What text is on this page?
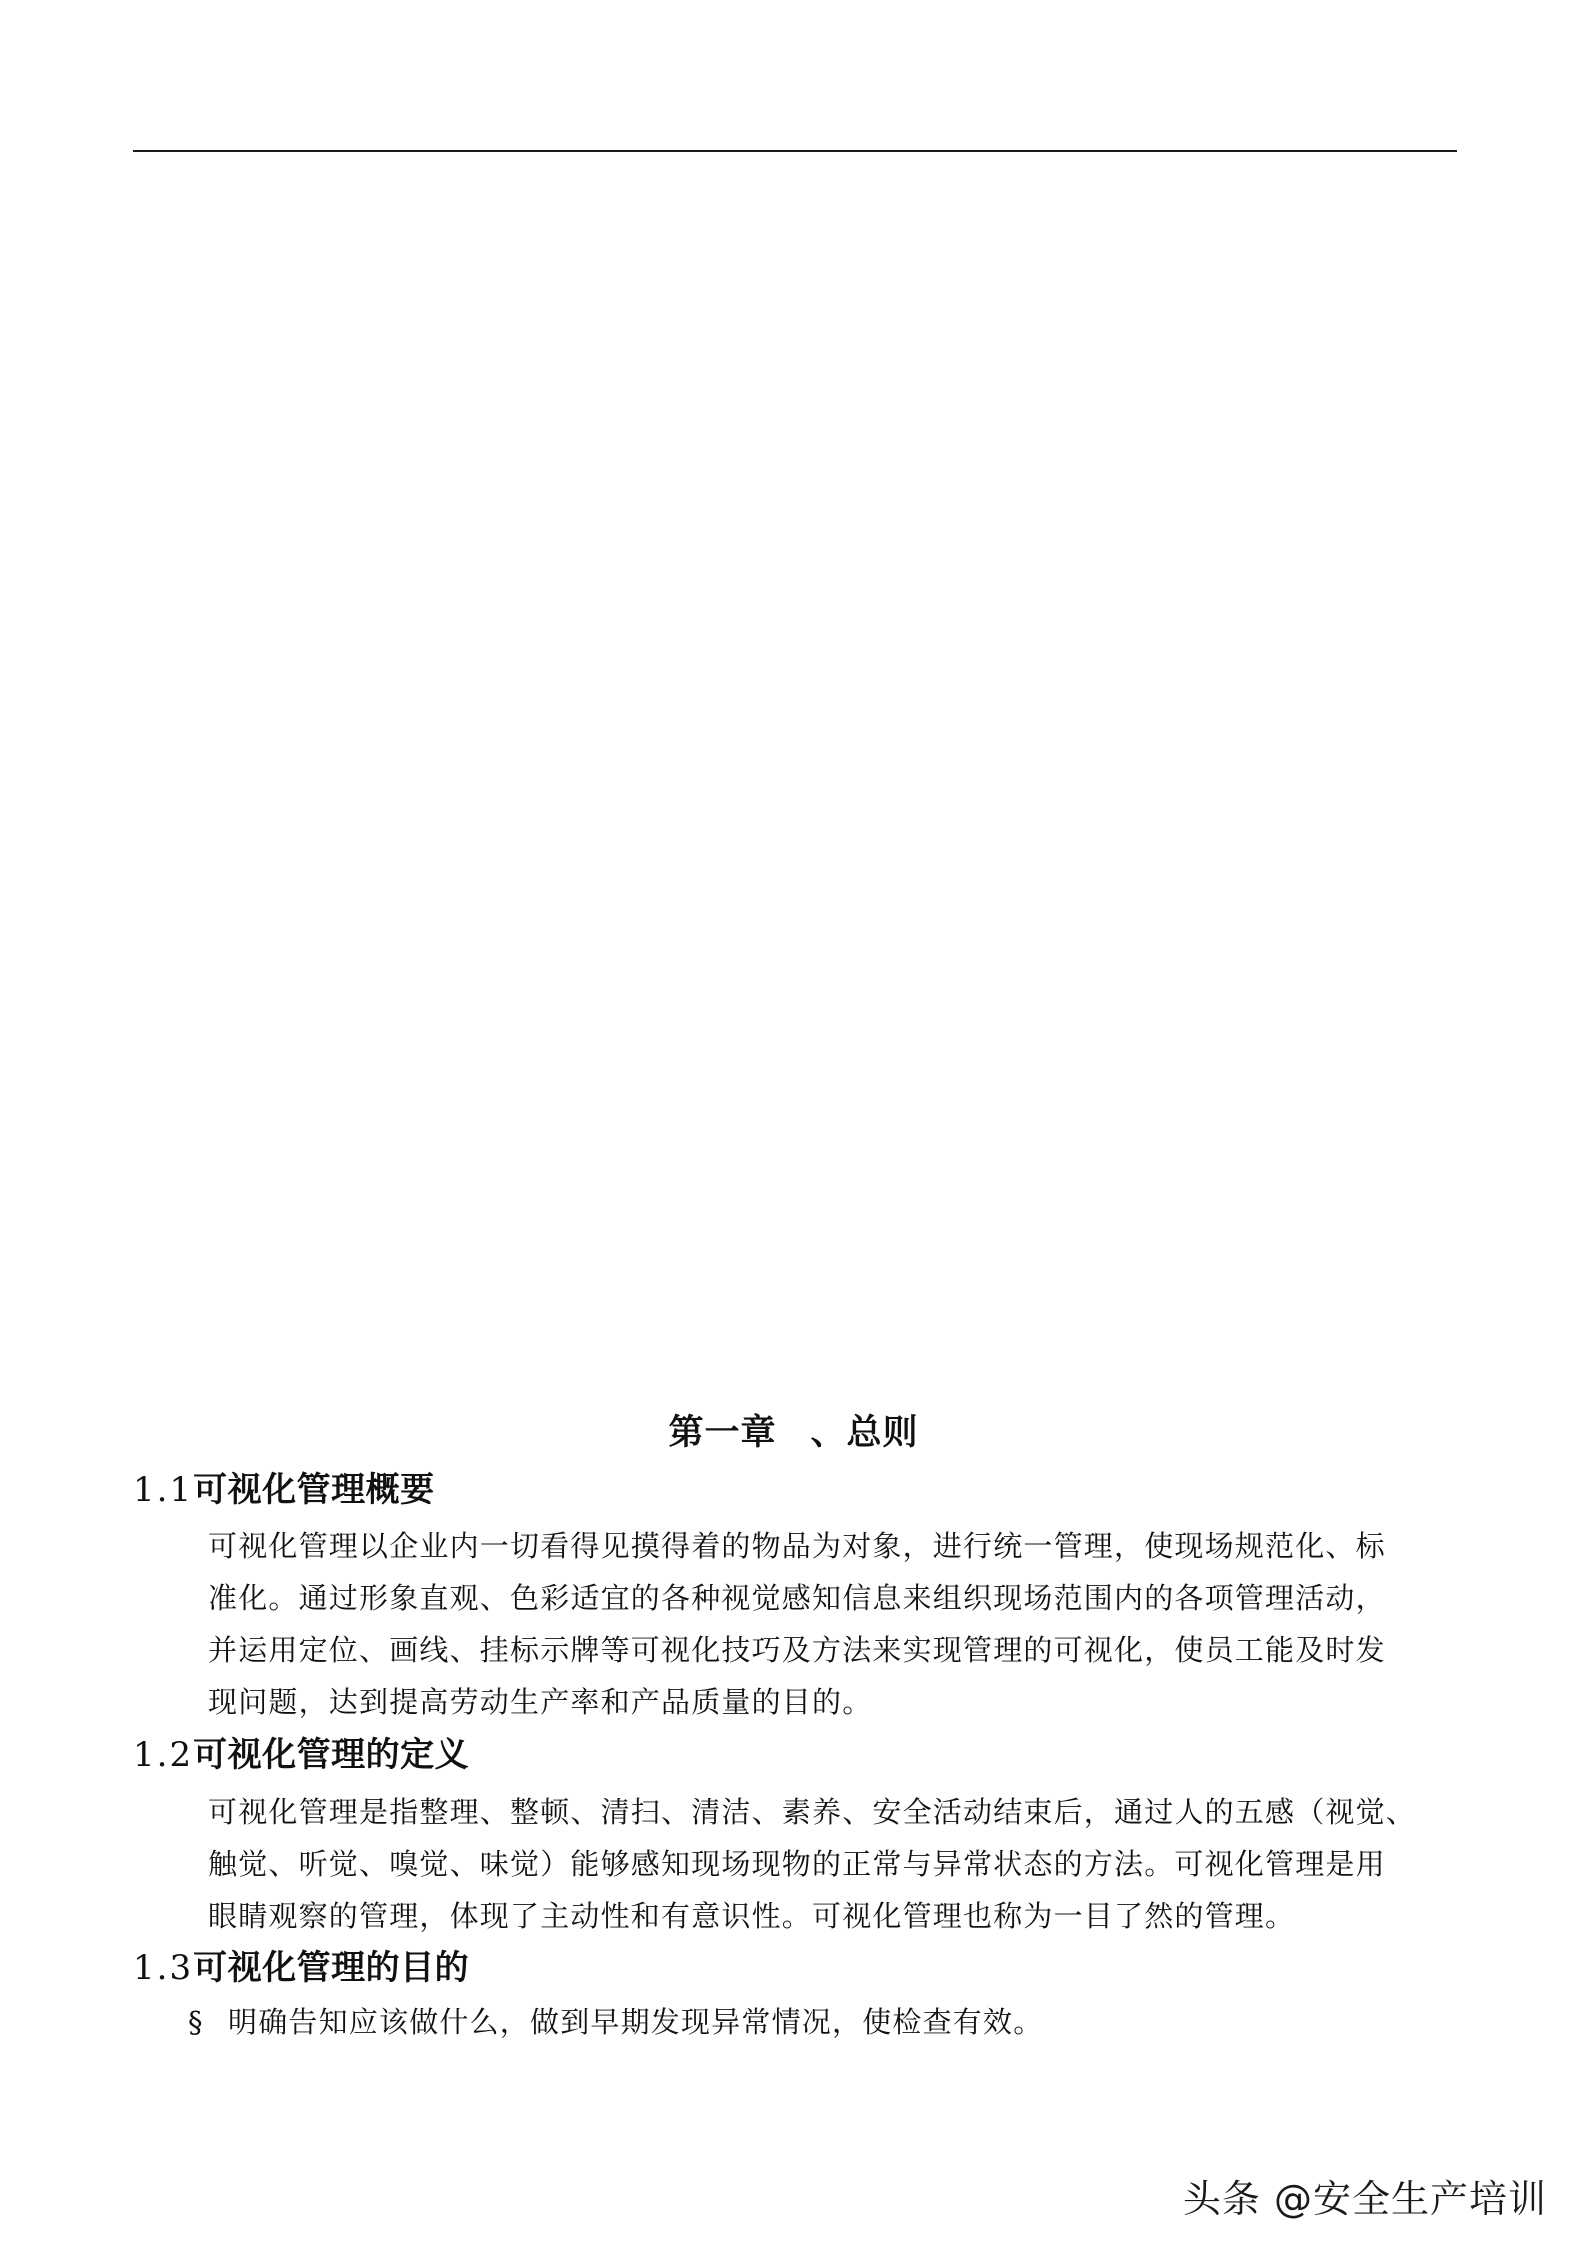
第一章 、总则
1.1可视化管理概要
可视化管理以企业内一切看得见摸得着的物品为对象，进行统一管理，使现场规范化、标
准化。通过形象直观、色彩适宜的各种视觉感知信息来组织现场范围内的各项管理活动，
并运用定位、画线、挂标示牌等可视化技巧及方法来实现管理的可视化，使员工能及时发
现问题，达到提高劳动生产率和产品质量的目的。
1.2可视化管理的定义
可视化管理是指整理、整顿、清扫、清洁、素养、安全活动结束后，通过人的五感（视觉、
触觉、听觉、嗅觉、味觉）能够感知现场现物的正常与异常状态的方法。可视化管理是用
眼睛观察的管理，体现了主动性和有意识性。可视化管理也称为一目了然的管理。
1.3可视化管理的目的
§ 明确告知应该做什么，做到早期发现异常情况，使检查有效。
头条 @安全生产培训
